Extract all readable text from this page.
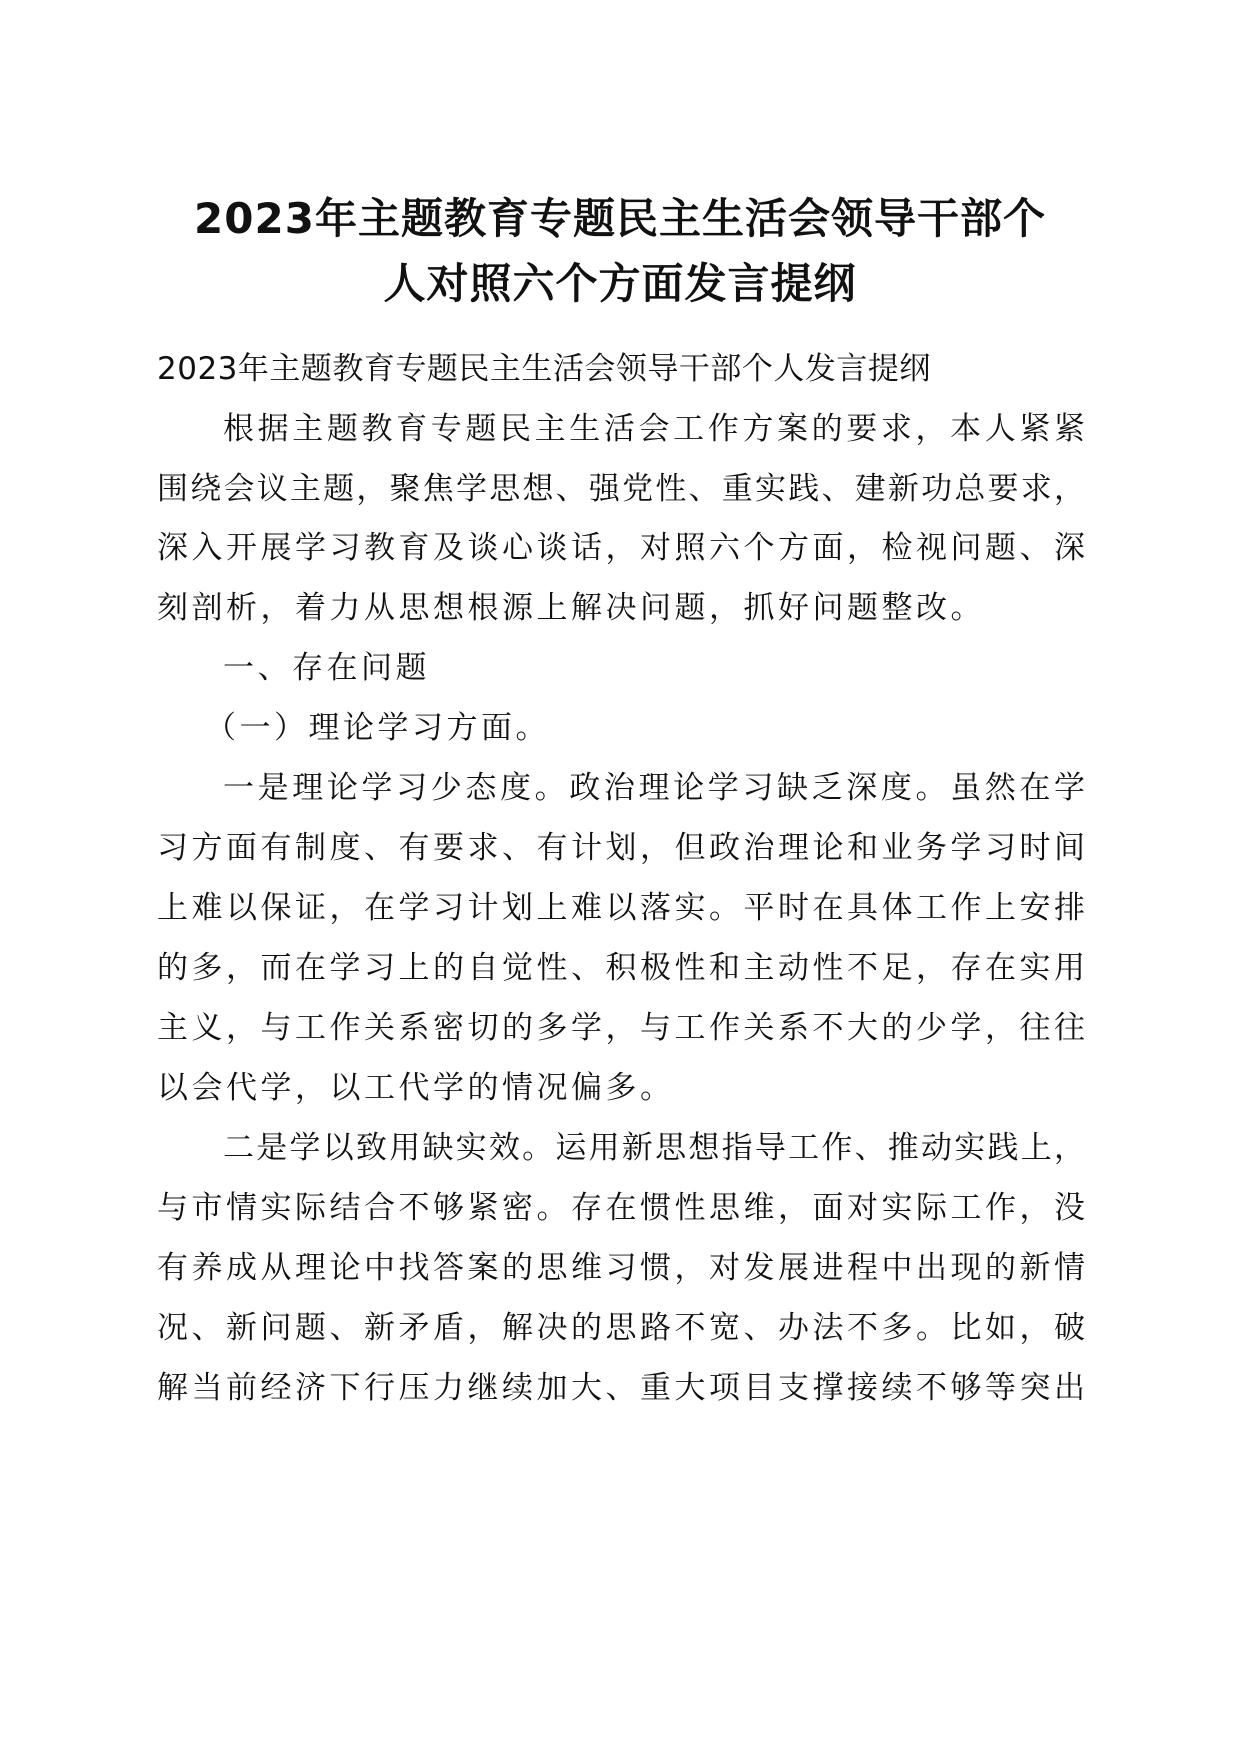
2023年主题教育专题民主生活会领导干部个
人对照六个方面发言提纲
2023年主题教育专题民主生活会领导干部个人发言提纲
根据主题教育专题民主生活会工作方案的要求，本人紧紧
围绕会议主题，聚焦学思想、强党性、重实践、建新功总要求，
深入开展学习教育及谈心谈话，对照六个方面，检视问题、深
刻剖析，着力从思想根源上解决问题，抓好问题整改。
一、存在问题
（一）理论学习方面。
一是理论学习少态度。政治理论学习缺乏深度。虽然在学
习方面有制度、有要求、有计划，但政治理论和业务学习时间
上难以保证，在学习计划上难以落实。平时在具体工作上安排
的多，而在学习上的自觉性、积极性和主动性不足，存在实用
主义，与工作关系密切的多学，与工作关系不大的少学，往往
以会代学，以工代学的情况偏多。
二是学以致用缺实效。运用新思想指导工作、推动实践上，
与市情实际结合不够紧密。存在惯性思维，面对实际工作，没
有养成从理论中找答案的思维习惯，对发展进程中出现的新情
况、新问题、新矛盾，解决的思路不宽、办法不多。比如，破
解当前经济下行压力继续加大、重大项目支撑接续不够等突出
